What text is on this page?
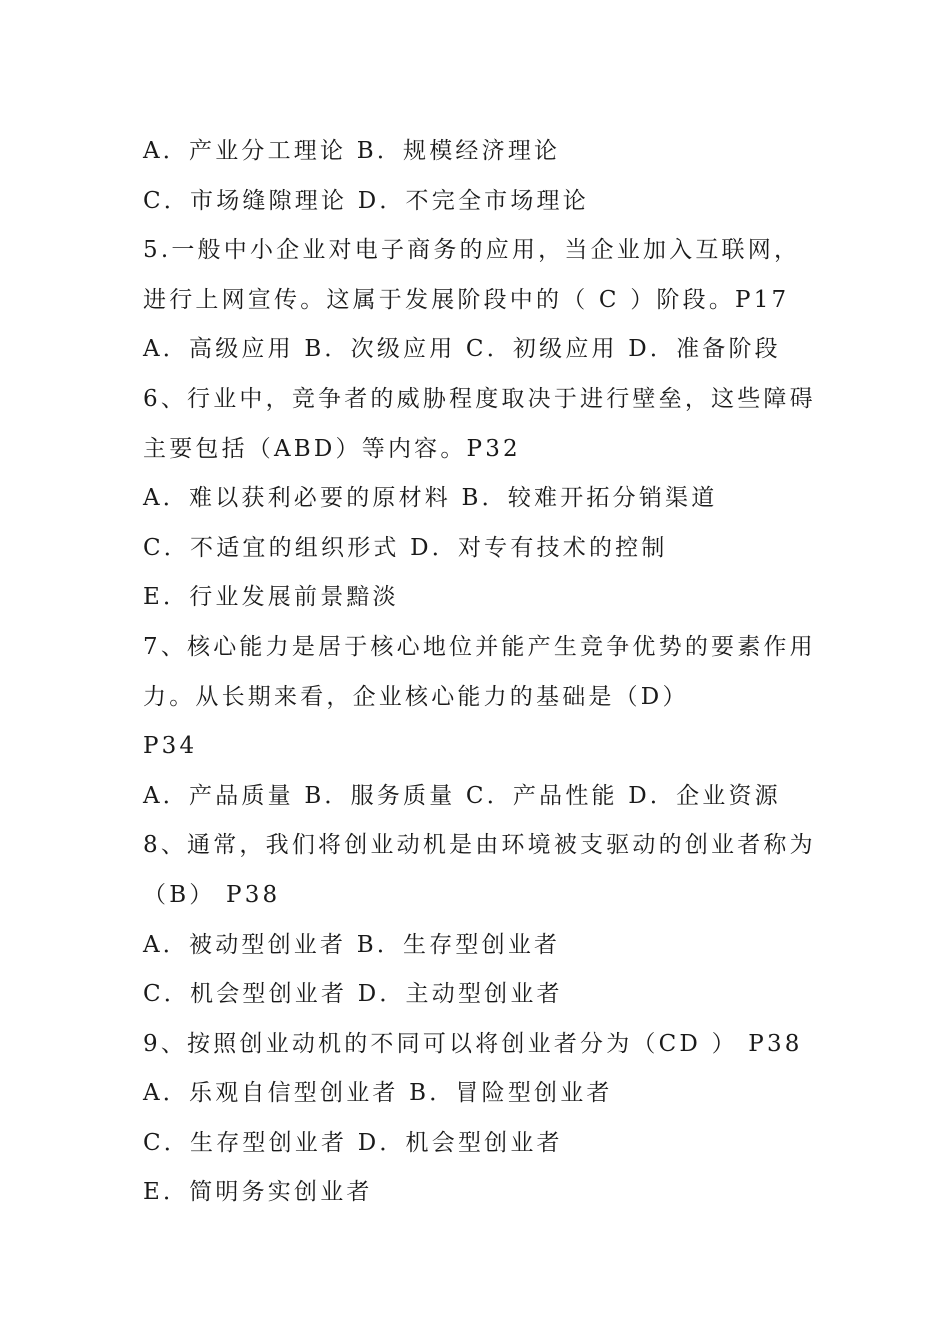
A．产业分工理论 B．规模经济理论
C．市场缝隙理论 D．不完全市场理论
5.一般中小企业对电子商务的应用，当企业加入互联网，
进行上网宣传。这属于发展阶段中的（ C ）阶段。P17
A．高级应用 B．次级应用 C．初级应用 D．准备阶段
6、行业中，竞争者的威胁程度取决于进行壁垒，这些障碍
主要包括（ABD）等内容。P32
A．难以获利必要的原材料 B．较难开拓分销渠道
C．不适宜的组织形式 D．对专有技术的控制
E．行业发展前景黯淡
7、核心能力是居于核心地位并能产生竞争优势的要素作用
力。从长期来看，企业核心能力的基础是（D）
P34
A．产品质量 B．服务质量 C．产品性能 D．企业资源
8、通常，我们将创业动机是由环境被支驱动的创业者称为
（B） P38
A．被动型创业者 B．生存型创业者
C．机会型创业者 D．主动型创业者
9、按照创业动机的不同可以将创业者分为（CD ） P38
A．乐观自信型创业者 B．冒险型创业者
C．生存型创业者 D．机会型创业者
E．简明务实创业者
